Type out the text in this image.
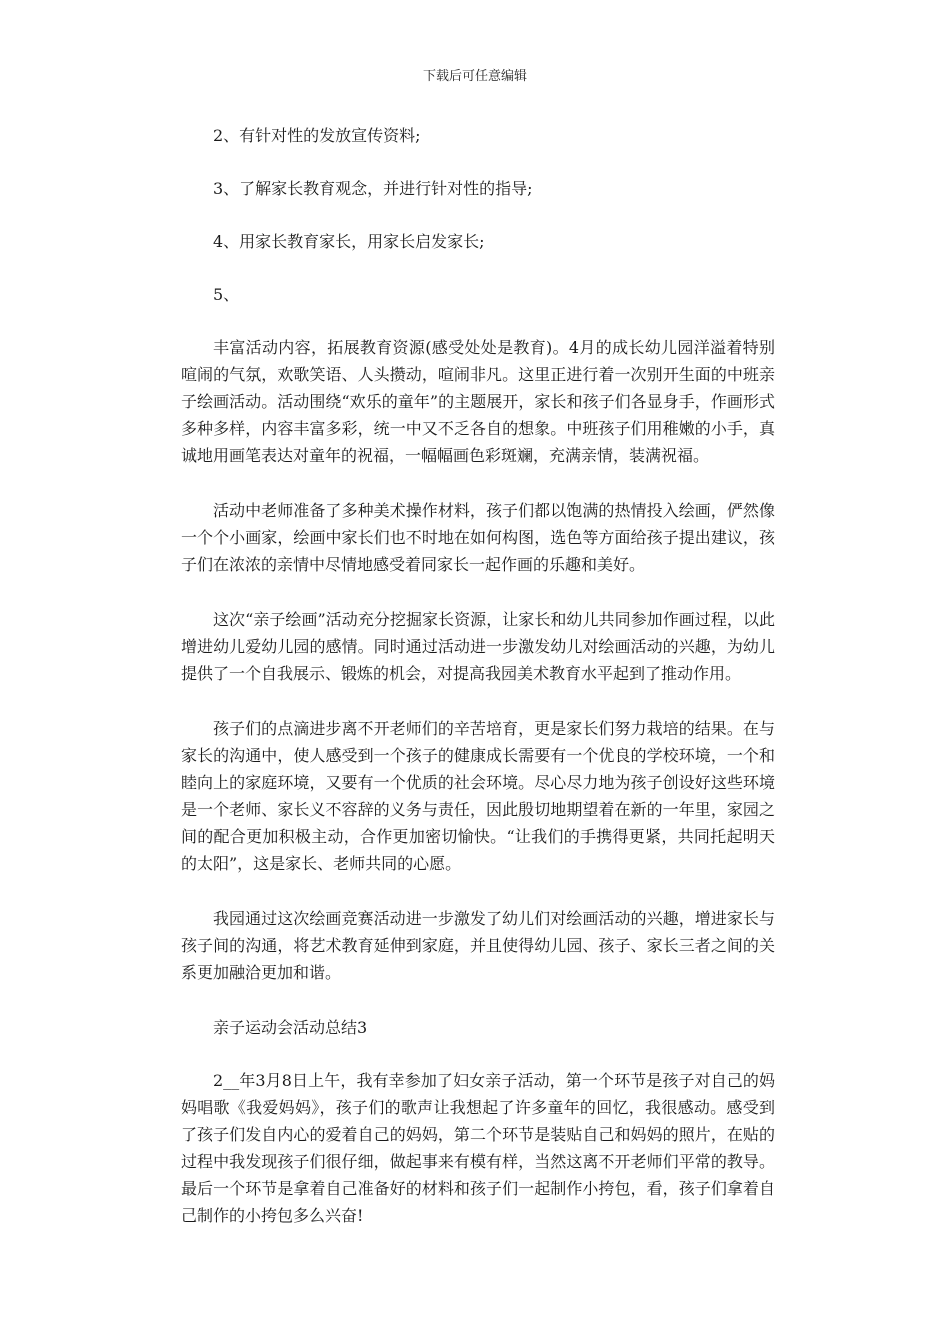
下载后可任意编辑

2、有针对性的发放宣传资料;

3、了解家长教育观念，并进行针对性的指导;

4、用家长教育家长，用家长启发家长;

5、

丰富活动内容，拓展教育资源(感受处处是教育)。4月的成长幼儿园洋溢着特别喧闹的气氛，欢歌笑语、人头攒动，喧闹非凡。这里正进行着一次别开生面的中班亲子绘画活动。活动围绕“欢乐的童年”的主题展开，家长和孩子们各显身手，作画形式多种多样，内容丰富多彩，统一中又不乏各自的想象。中班孩子们用稚嫩的小手，真诚地用画笔表达对童年的祝福，一幅幅画色彩斑斓，充满亲情，装满祝福。

活动中老师准备了多种美术操作材料，孩子们都以饱满的热情投入绘画，俨然像一个个小画家，绘画中家长们也不时地在如何构图，选色等方面给孩子提出建议，孩子们在浓浓的亲情中尽情地感受着同家长一起作画的乐趣和美好。

这次“亲子绘画”活动充分挖掘家长资源，让家长和幼儿共同参加作画过程，以此增进幼儿爱幼儿园的感情。同时通过活动进一步激发幼儿对绘画活动的兴趣，为幼儿提供了一个自我展示、锻炼的机会，对提高我园美术教育水平起到了推动作用。

孩子们的点滴进步离不开老师们的辛苦培育，更是家长们努力栽培的结果。在与家长的沟通中，使人感受到一个孩子的健康成长需要有一个优良的学校环境，一个和睦向上的家庭环境，又要有一个优质的社会环境。尽心尽力地为孩子创设好这些环境是一个老师、家长义不容辞的义务与责任，因此殷切地期望着在新的一年里，家园之间的配合更加积极主动，合作更加密切愉快。“让我们的手携得更紧，共同托起明天的太阳”，这是家长、老师共同的心愿。

我园通过这次绘画竞赛活动进一步激发了幼儿们对绘画活动的兴趣，增进家长与孩子间的沟通，将艺术教育延伸到家庭，并且使得幼儿园、孩子、家长三者之间的关系更加融洽更加和谐。

亲子运动会活动总结3

2__年3月8日上午，我有幸参加了妇女亲子活动，第一个环节是孩子对自己的妈妈唱歌《我爱妈妈》，孩子们的歌声让我想起了许多童年的回忆，我很感动。感受到了孩子们发自内心的爱着自己的妈妈，第二个环节是装贴自己和妈妈的照片，在贴的过程中我发现孩子们很仔细，做起事来有模有样，当然这离不开老师们平常的教导。最后一个环节是拿着自己准备好的材料和孩子们一起制作小挎包，看，孩子们拿着自己制作的小挎包多么兴奋!
